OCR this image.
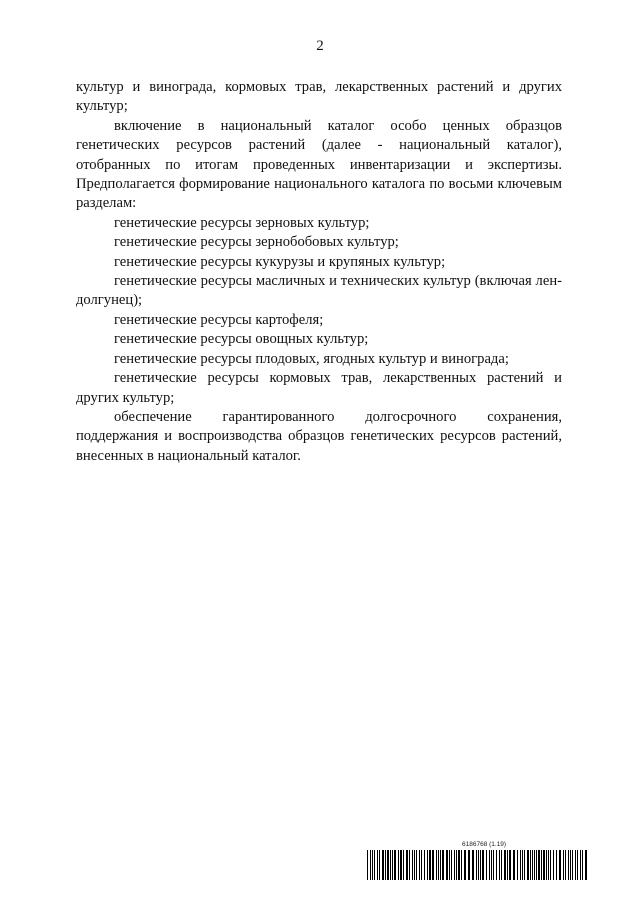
2

культур и винограда, кормовых трав, лекарственных растений и других культур;

включение в национальный каталог особо ценных образцов генетических ресурсов растений (далее - национальный каталог), отобранных по итогам проведенных инвентаризации и экспертизы. Предполагается формирование национального каталога по восьми ключевым разделам:

генетические ресурсы зерновых культур;

генетические ресурсы зернобобовых культур;

генетические ресурсы кукурузы и крупяных культур;

генетические ресурсы масличных и технических культур (включая лен-долгунец);

генетические ресурсы картофеля;

генетические ресурсы овощных культур;

генетические ресурсы плодовых, ягодных культур и винограда;

генетические ресурсы кормовых трав, лекарственных растений и других культур;

обеспечение гарантированного долгосрочного сохранения, поддержания и воспроизводства образцов генетических ресурсов растений, внесенных в национальный каталог.

6186768 (1.19)
